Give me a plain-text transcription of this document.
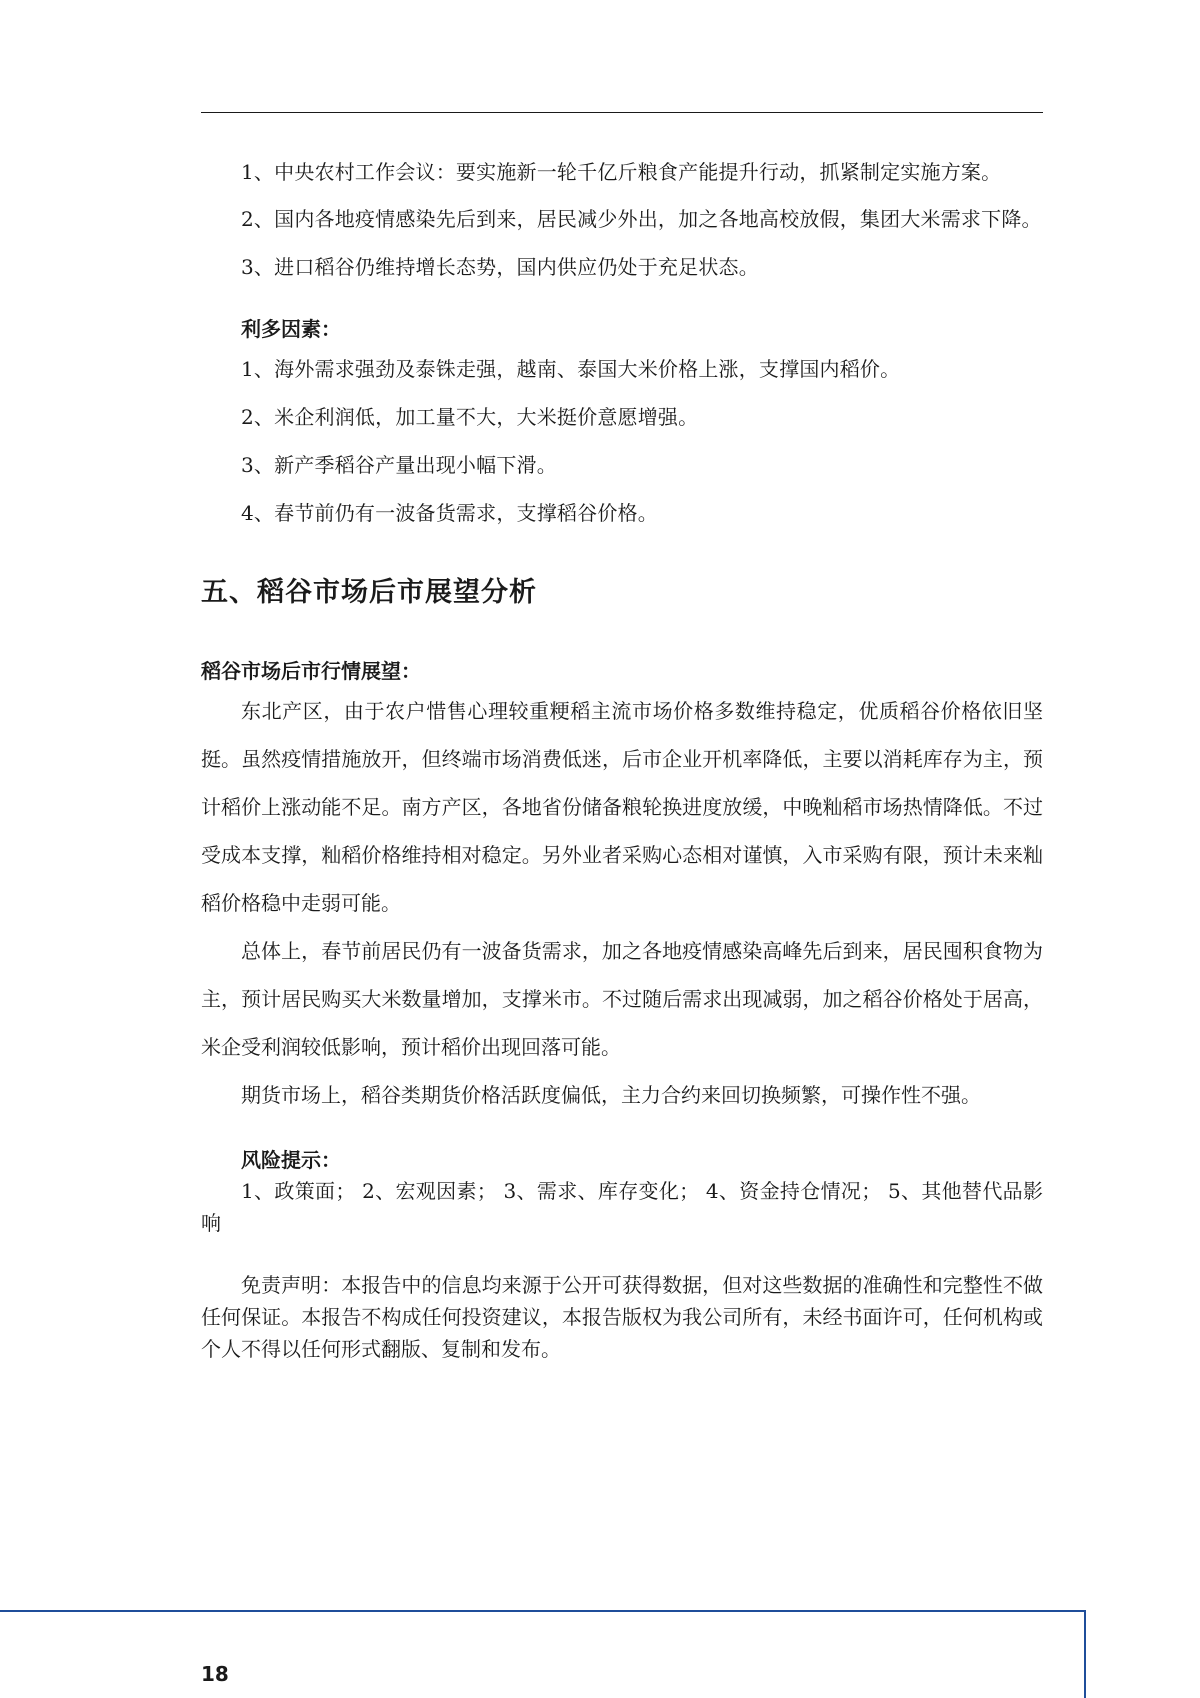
1、中央农村工作会议：要实施新一轮千亿斤粮食产能提升行动，抓紧制定实施方案。

2、国内各地疫情感染先后到来，居民减少外出，加之各地高校放假，集团大米需求下降。

3、进口稻谷仍维持增长态势，国内供应仍处于充足状态。

利多因素：

1、海外需求强劲及泰铢走强，越南、泰国大米价格上涨，支撑国内稻价。

2、米企利润低，加工量不大，大米挺价意愿增强。

3、新产季稻谷产量出现小幅下滑。

4、春节前仍有一波备货需求，支撑稻谷价格。

五、稻谷市场后市展望分析

稻谷市场后市行情展望：

东北产区，由于农户惜售心理较重粳稻主流市场价格多数维持稳定，优质稻谷价格依旧坚挺。虽然疫情措施放开，但终端市场消费低迷，后市企业开机率降低，主要以消耗库存为主，预计稻价上涨动能不足。南方产区，各地省份储备粮轮换进度放缓，中晚籼稻市场热情降低。不过受成本支撑，籼稻价格维持相对稳定。另外业者采购心态相对谨慎，入市采购有限，预计未来籼稻价格稳中走弱可能。

总体上，春节前居民仍有一波备货需求，加之各地疫情感染高峰先后到来，居民囤积食物为主，预计居民购买大米数量增加，支撑米市。不过随后需求出现减弱，加之稻谷价格处于居高，米企受利润较低影响，预计稻价出现回落可能。

期货市场上，稻谷类期货价格活跃度偏低，主力合约来回切换频繁，可操作性不强。

风险提示：

1、政策面； 2、宏观因素； 3、需求、库存变化； 4、资金持仓情况； 5、其他替代品影响

免责声明：本报告中的信息均来源于公开可获得数据，但对这些数据的准确性和完整性不做任何保证。本报告不构成任何投资建议，本报告版权为我公司所有，未经书面许可，任何机构或个人不得以任何形式翻版、复制和发布。

18
